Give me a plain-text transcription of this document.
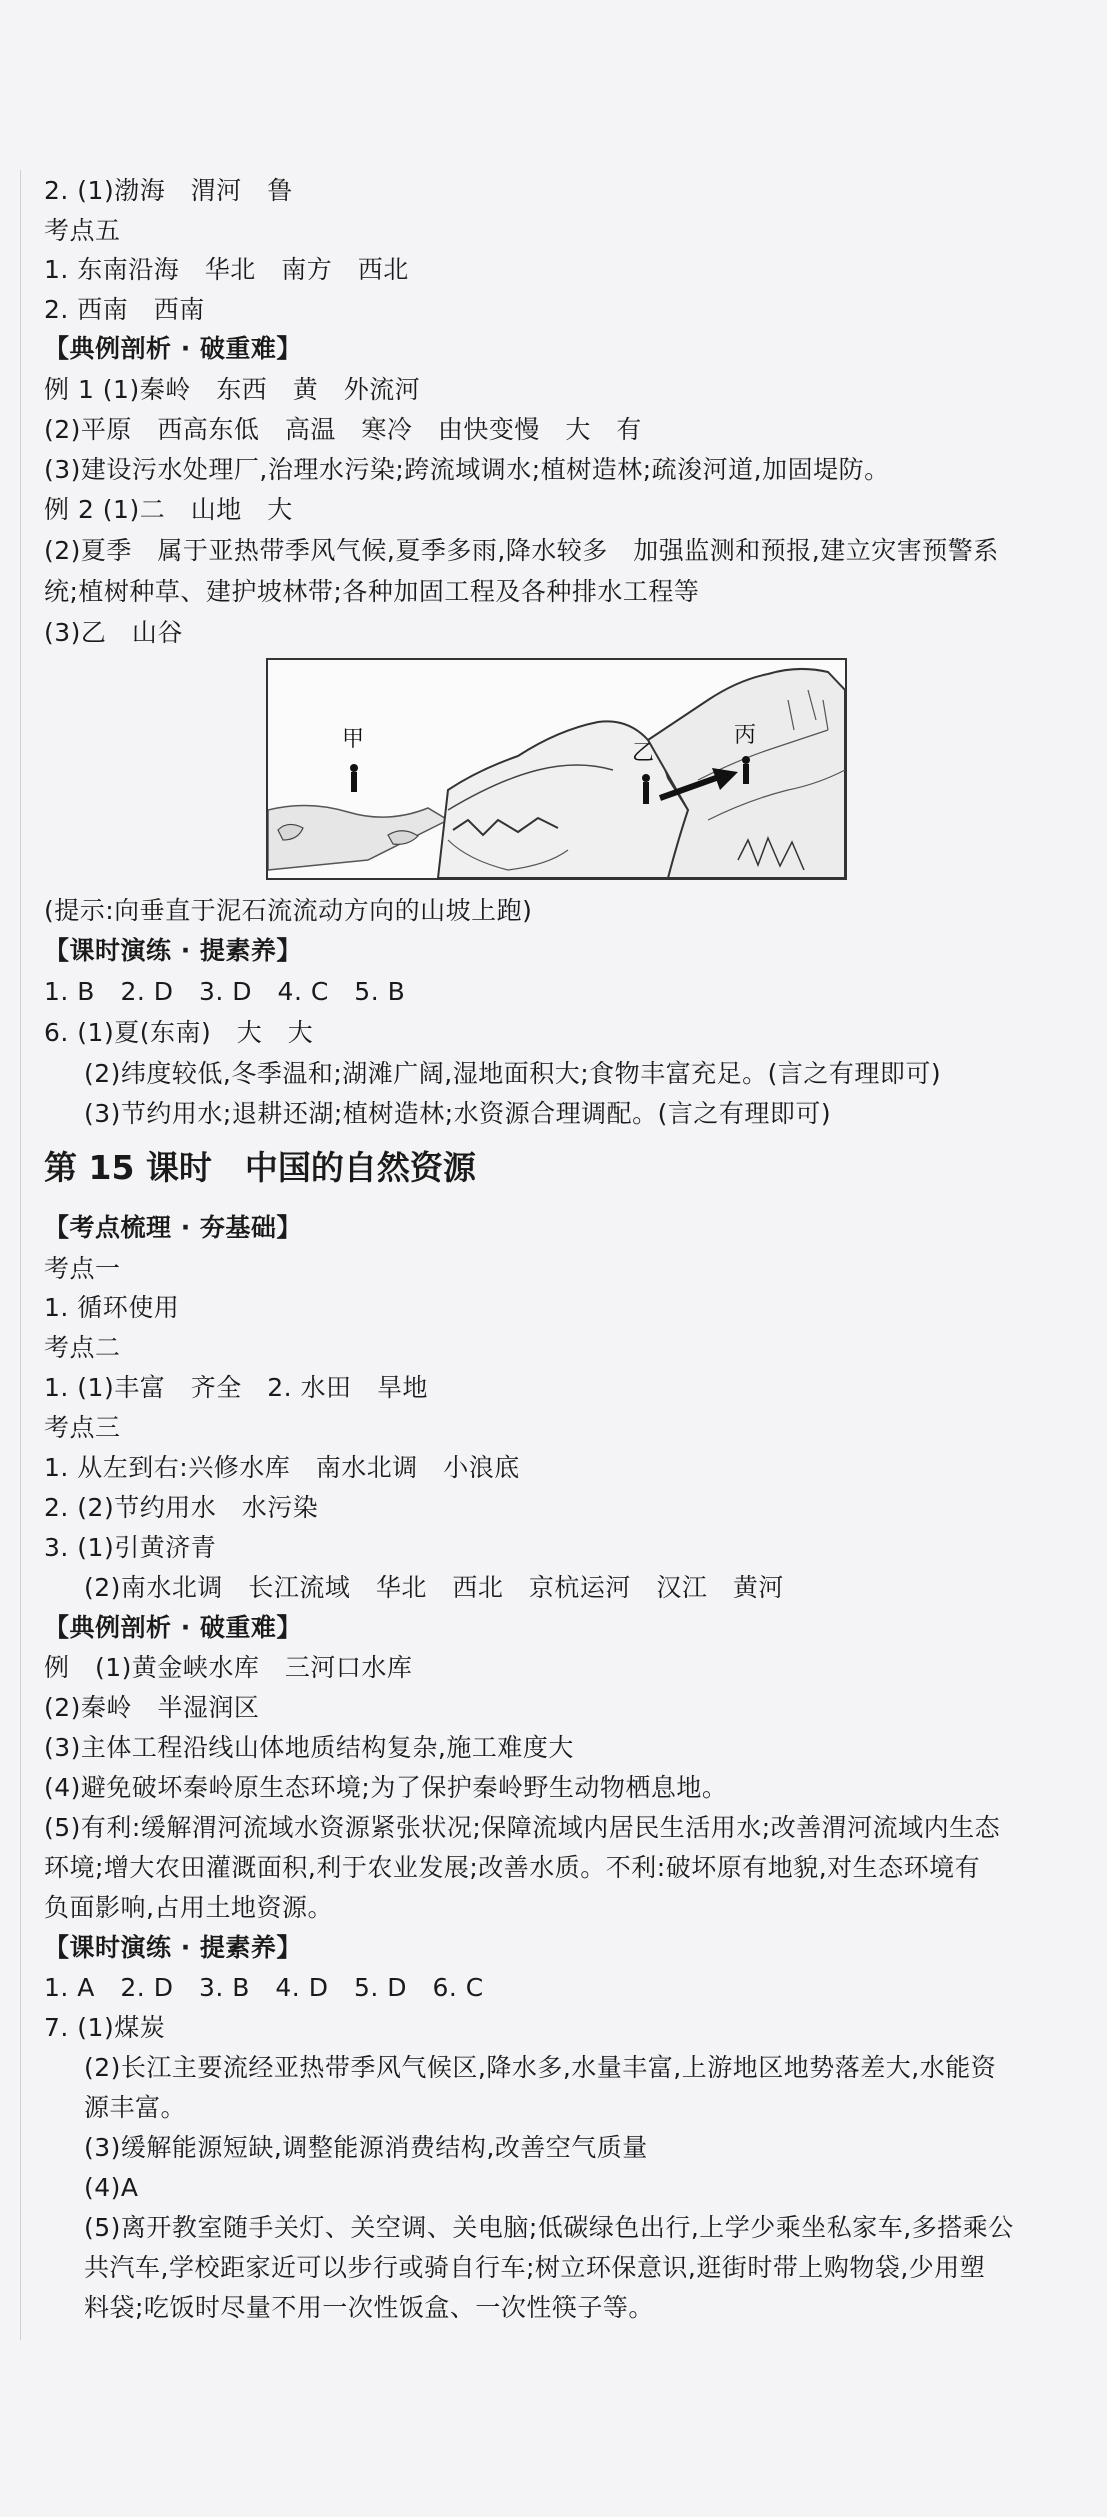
2. (1)渤海　渭河　鲁
考点五
1. 东南沿海　华北　南方　西北
2. 西南　西南
【典例剖析 · 破重难】
例 1 (1)秦岭　东西　黄　外流河
(2)平原　西高东低　高温　寒冷　由快变慢　大　有
(3)建设污水处理厂,治理水污染;跨流域调水;植树造林;疏浚河道,加固堤防。
例 2 (1)二　山地　大
(2)夏季　属于亚热带季风气候,夏季多雨,降水较多　加强监测和预报,建立灾害预警系
统;植树种草、建护坡林带;各种加固工程及各种排水工程等
(3)乙　山谷
甲
乙
丙
(提示:向垂直于泥石流流动方向的山坡上跑)
【课时演练 · 提素养】
1. B　2. D　3. D　4. C　5. B
6. (1)夏(东南)　大　大
(2)纬度较低,冬季温和;湖滩广阔,湿地面积大;食物丰富充足。(言之有理即可)
(3)节约用水;退耕还湖;植树造林;水资源合理调配。(言之有理即可)
第 15 课时　中国的自然资源
【考点梳理 · 夯基础】
考点一
1. 循环使用
考点二
1. (1)丰富　齐全　2. 水田　旱地
考点三
1. 从左到右:兴修水库　南水北调　小浪底
2. (2)节约用水　水污染
3. (1)引黄济青
(2)南水北调　长江流域　华北　西北　京杭运河　汉江　黄河
【典例剖析 · 破重难】
例　(1)黄金峡水库　三河口水库
(2)秦岭　半湿润区
(3)主体工程沿线山体地质结构复杂,施工难度大
(4)避免破坏秦岭原生态环境;为了保护秦岭野生动物栖息地。
(5)有利:缓解渭河流域水资源紧张状况;保障流域内居民生活用水;改善渭河流域内生态
环境;增大农田灌溉面积,利于农业发展;改善水质。不利:破坏原有地貌,对生态环境有
负面影响,占用土地资源。
【课时演练 · 提素养】
1. A　2. D　3. B　4. D　5. D　6. C
7. (1)煤炭
(2)长江主要流经亚热带季风气候区,降水多,水量丰富,上游地区地势落差大,水能资
源丰富。
(3)缓解能源短缺,调整能源消费结构,改善空气质量
(4)A
(5)离开教室随手关灯、关空调、关电脑;低碳绿色出行,上学少乘坐私家车,多搭乘公
共汽车,学校距家近可以步行或骑自行车;树立环保意识,逛街时带上购物袋,少用塑
料袋;吃饭时尽量不用一次性饭盒、一次性筷子等。
